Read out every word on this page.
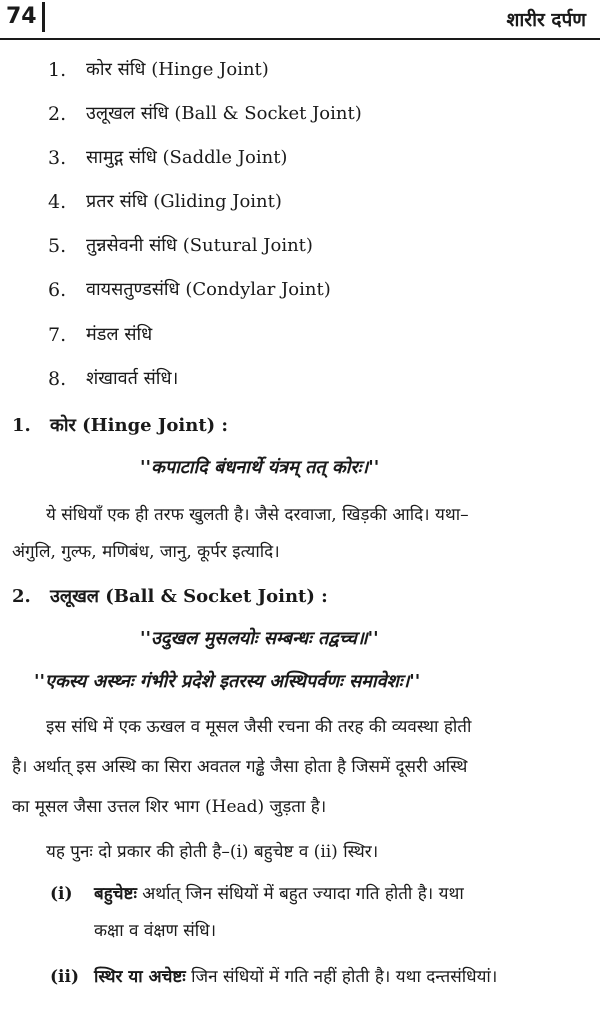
74	शारीर दर्पण
1. कोर संधि (Hinge Joint)
2. उलूखल संधि (Ball & Socket Joint)
3. सामुद्ग संधि (Saddle Joint)
4. प्रतर संधि (Gliding Joint)
5. तुन्नसेवनी संधि (Sutural Joint)
6. वायसतुण्डसंधि (Condylar Joint)
7. मंडल संधि
8. शंखावर्त संधि।
1. कोर (Hinge Joint) :
''कपाटादि बंधनार्थे यंत्रम् तत् कोरः।''
ये संधियाँ एक ही तरफ खुलती है। जैसे दरवाजा, खिड़की आदि। यथा–
अंगुलि, गुल्फ, मणिबंध, जानु, कूर्पर इत्यादि।
2. उलूखल (Ball & Socket Joint) :
''उदुखल मुसलयोः सम्बन्धः तद्वच्च॥''
''एकस्य अस्थ्नः गंभीरे प्रदेशे इतरस्य अस्थिपर्वणः समावेशः।''
इस संधि में एक ऊखल व मूसल जैसी रचना की तरह की व्यवस्था होती
है। अर्थात् इस अस्थि का सिरा अवतल गड्ढे जैसा होता है जिसमें दूसरी अस्थि
का मूसल जैसा उत्तल शिर भाग (Head) जुड़ता है।
यह पुनः दो प्रकार की होती है–(i) बहुचेष्ट व (ii) स्थिर।
(i) बहुचेष्टः अर्थात् जिन संधियों में बहुत ज्यादा गति होती है। यथा
कक्षा व वंक्षण संधि।
(ii) स्थिर या अचेष्टः जिन संधियों में गति नहीं होती है। यथा दन्तसंधियां।
